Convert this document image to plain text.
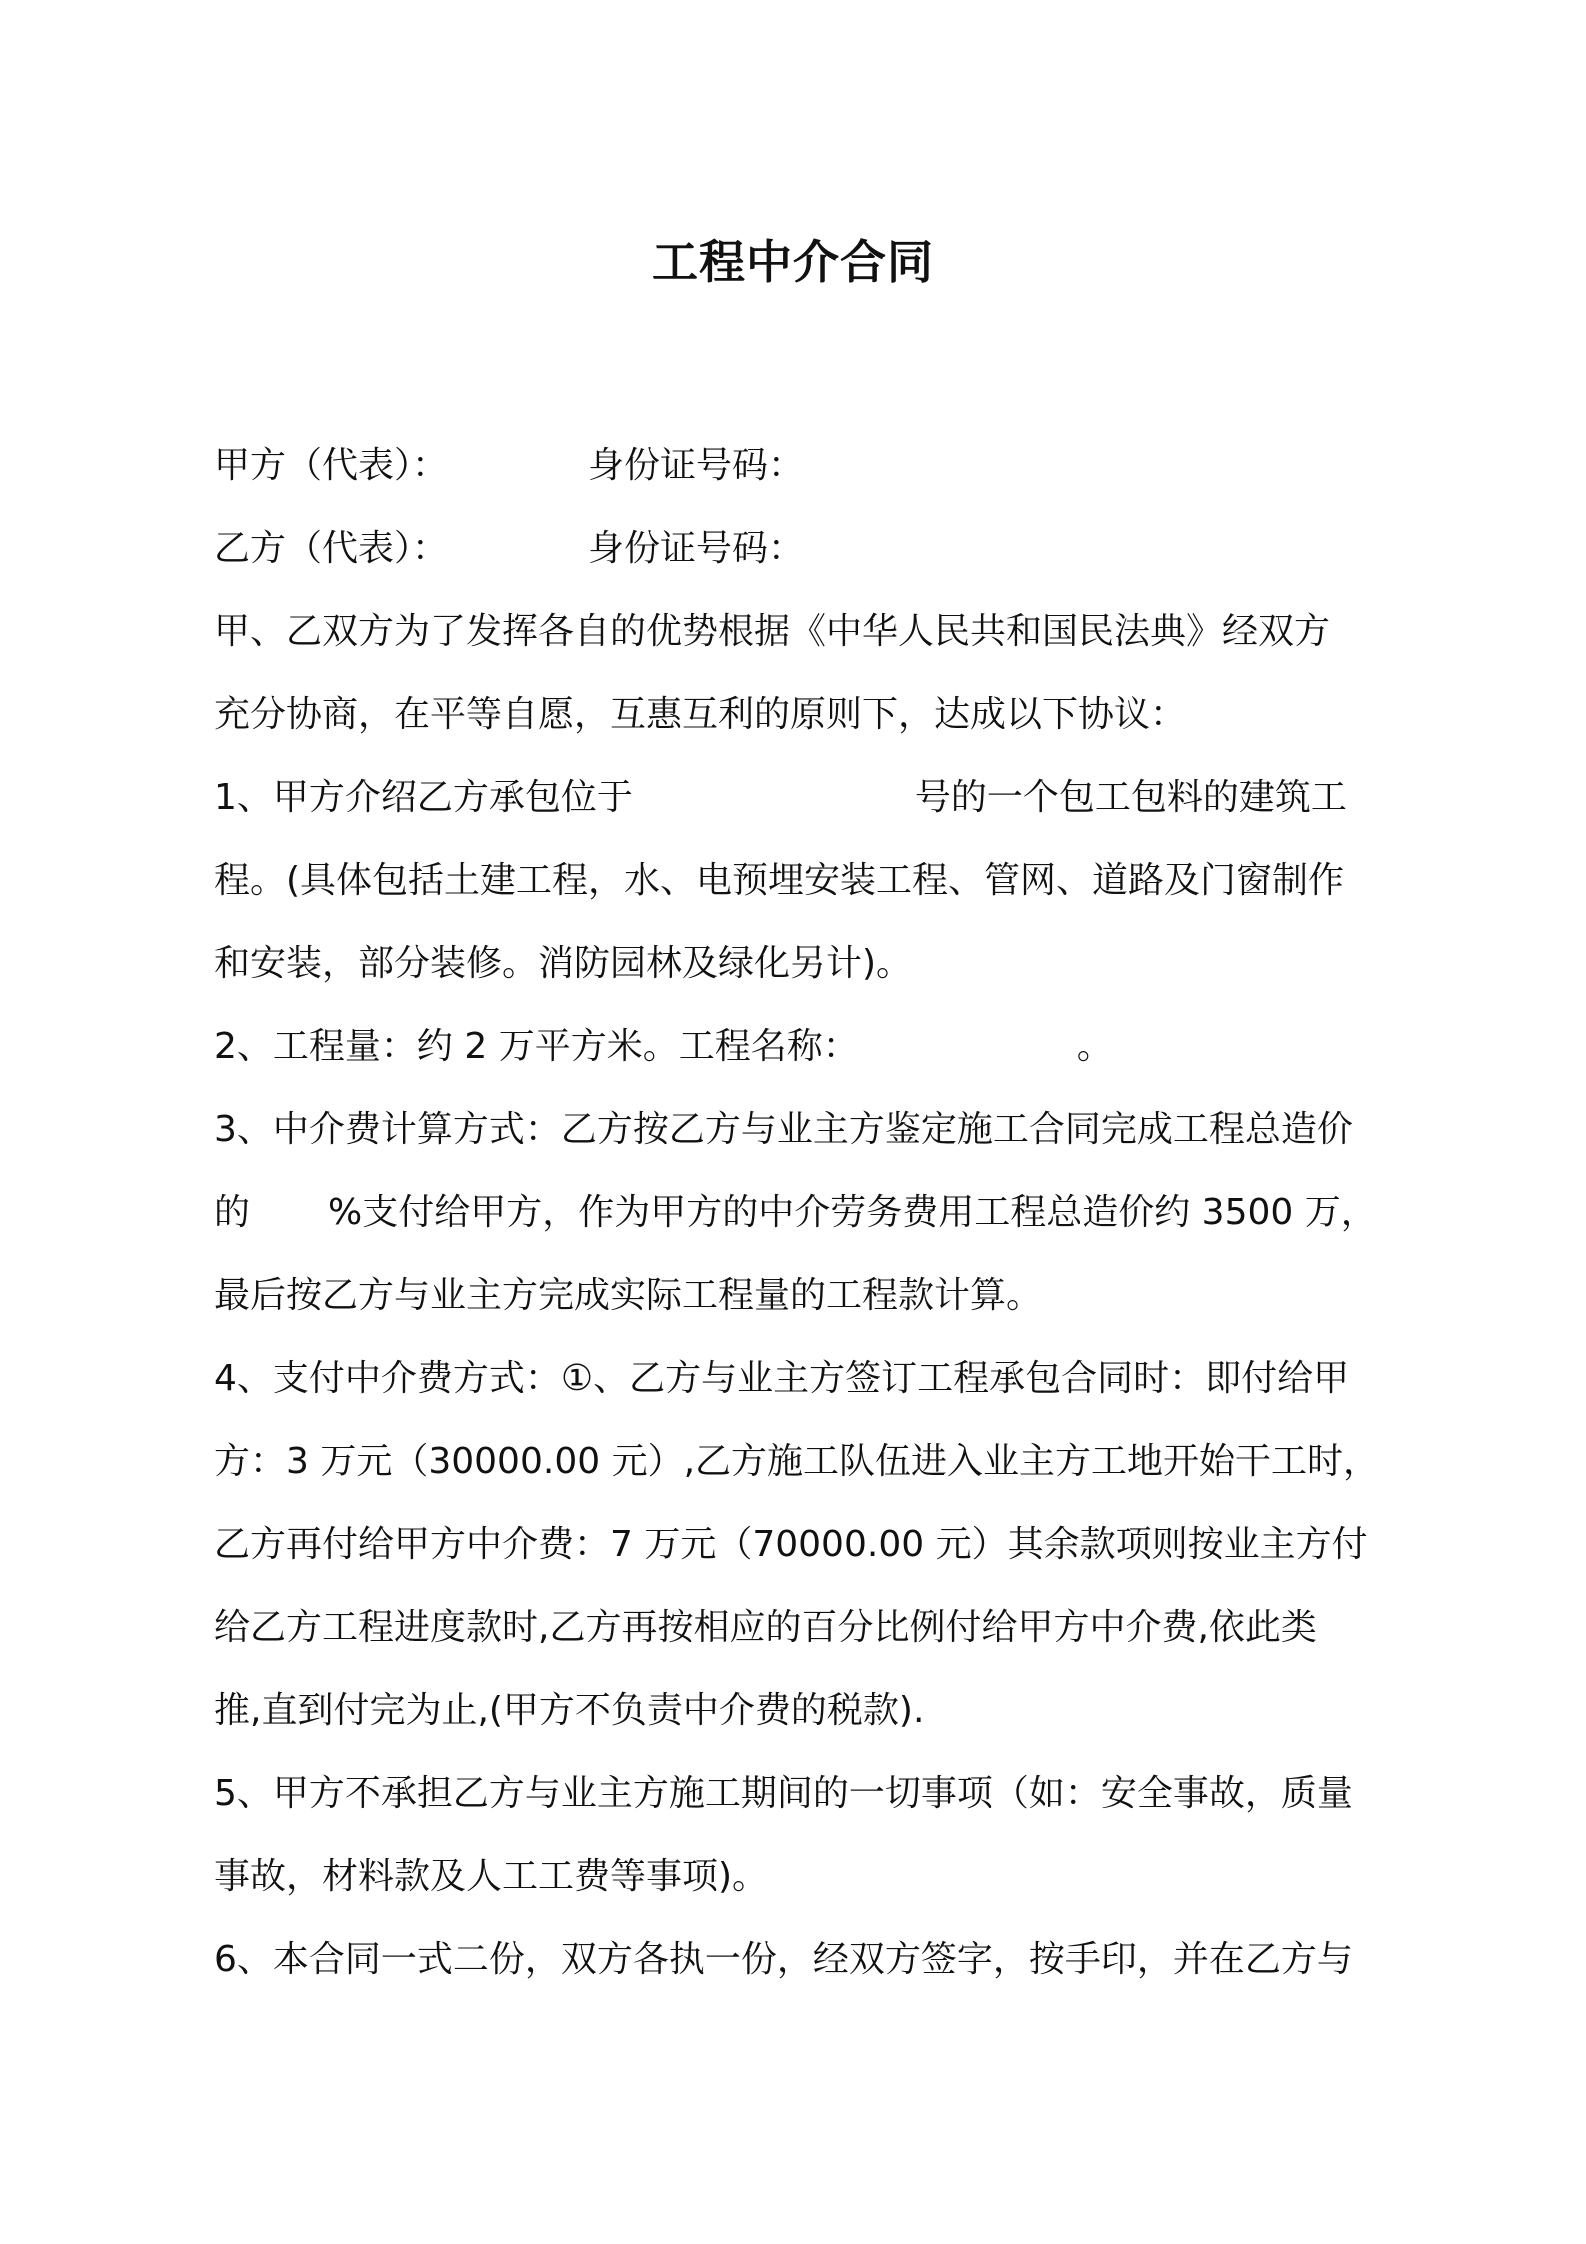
工程中介合同
甲方（代表）：	身份证号码：
乙方（代表）：	身份证号码：
甲、乙双方为了发挥各自的优势根据《中华人民共和国民法典》经双方
充分协商，在平等自愿，互惠互利的原则下，达成以下协议：
1、甲方介绍乙方承包位于	号的一个包工包料的建筑工
程。(具体包括土建工程，水、电预埋安装工程、管网、道路及门窗制作
和安装，部分装修。消防园林及绿化另计)。
2、工程量：约 2 万平方米。工程名称：	。
3、中介费计算方式：乙方按乙方与业主方鉴定施工合同完成工程总造价
的 %支付给甲方，作为甲方的中介劳务费用工程总造价约 3500 万，
最后按乙方与业主方完成实际工程量的工程款计算。
4、支付中介费方式：①、乙方与业主方签订工程承包合同时：即付给甲
方：3 万元（30000.00 元）,乙方施工队伍进入业主方工地开始干工时，
乙方再付给甲方中介费：7 万元（70000.00 元）其余款项则按业主方付
给乙方工程进度款时,乙方再按相应的百分比例付给甲方中介费,依此类
推,直到付完为止,(甲方不负责中介费的税款).
5、甲方不承担乙方与业主方施工期间的一切事项（如：安全事故，质量
事故，材料款及人工工费等事项)。
6、本合同一式二份，双方各执一份，经双方签字，按手印，并在乙方与
